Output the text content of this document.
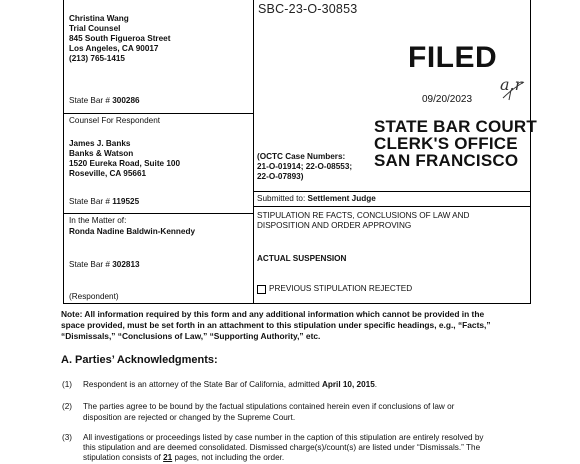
SBC-23-O-30853
Christina Wang
Trial Counsel
845 South Figueroa Street
Los Angeles, CA 90017
(213) 765-1415
State Bar # 300286
FILED
a.r
09/20/2023
STATE BAR COURT
CLERK'S OFFICE
SAN FRANCISCO
Counsel For Respondent
James J. Banks
Banks & Watson
1520 Eureka Road, Suite 100
Roseville, CA 95661
State Bar # 119525
(OCTC Case Numbers:
21-O-01914; 22-O-08553;
22-O-07893)
Submitted to: Settlement Judge
In the Matter of:
Ronda Nadine Baldwin-Kennedy
State Bar # 302813
(Respondent)
STIPULATION RE FACTS, CONCLUSIONS OF LAW AND
DISPOSITION AND ORDER APPROVING
ACTUAL SUSPENSION
PREVIOUS STIPULATION REJECTED
Note: All information required by this form and any additional information which cannot be provided in the
space provided, must be set forth in an attachment to this stipulation under specific headings, e.g., “Facts,”
“Dismissals,” “Conclusions of Law,” “Supporting Authority,” etc.
A. Parties’ Acknowledgments:
(1) Respondent is an attorney of the State Bar of California, admitted April 10, 2015.
(2) The parties agree to be bound by the factual stipulations contained herein even if conclusions of law or
disposition are rejected or changed by the Supreme Court.
(3) All investigations or proceedings listed by case number in the caption of this stipulation are entirely resolved by
this stipulation and are deemed consolidated. Dismissed charge(s)/count(s) are listed under “Dismissals.” The
stipulation consists of 21 pages, not including the order.
